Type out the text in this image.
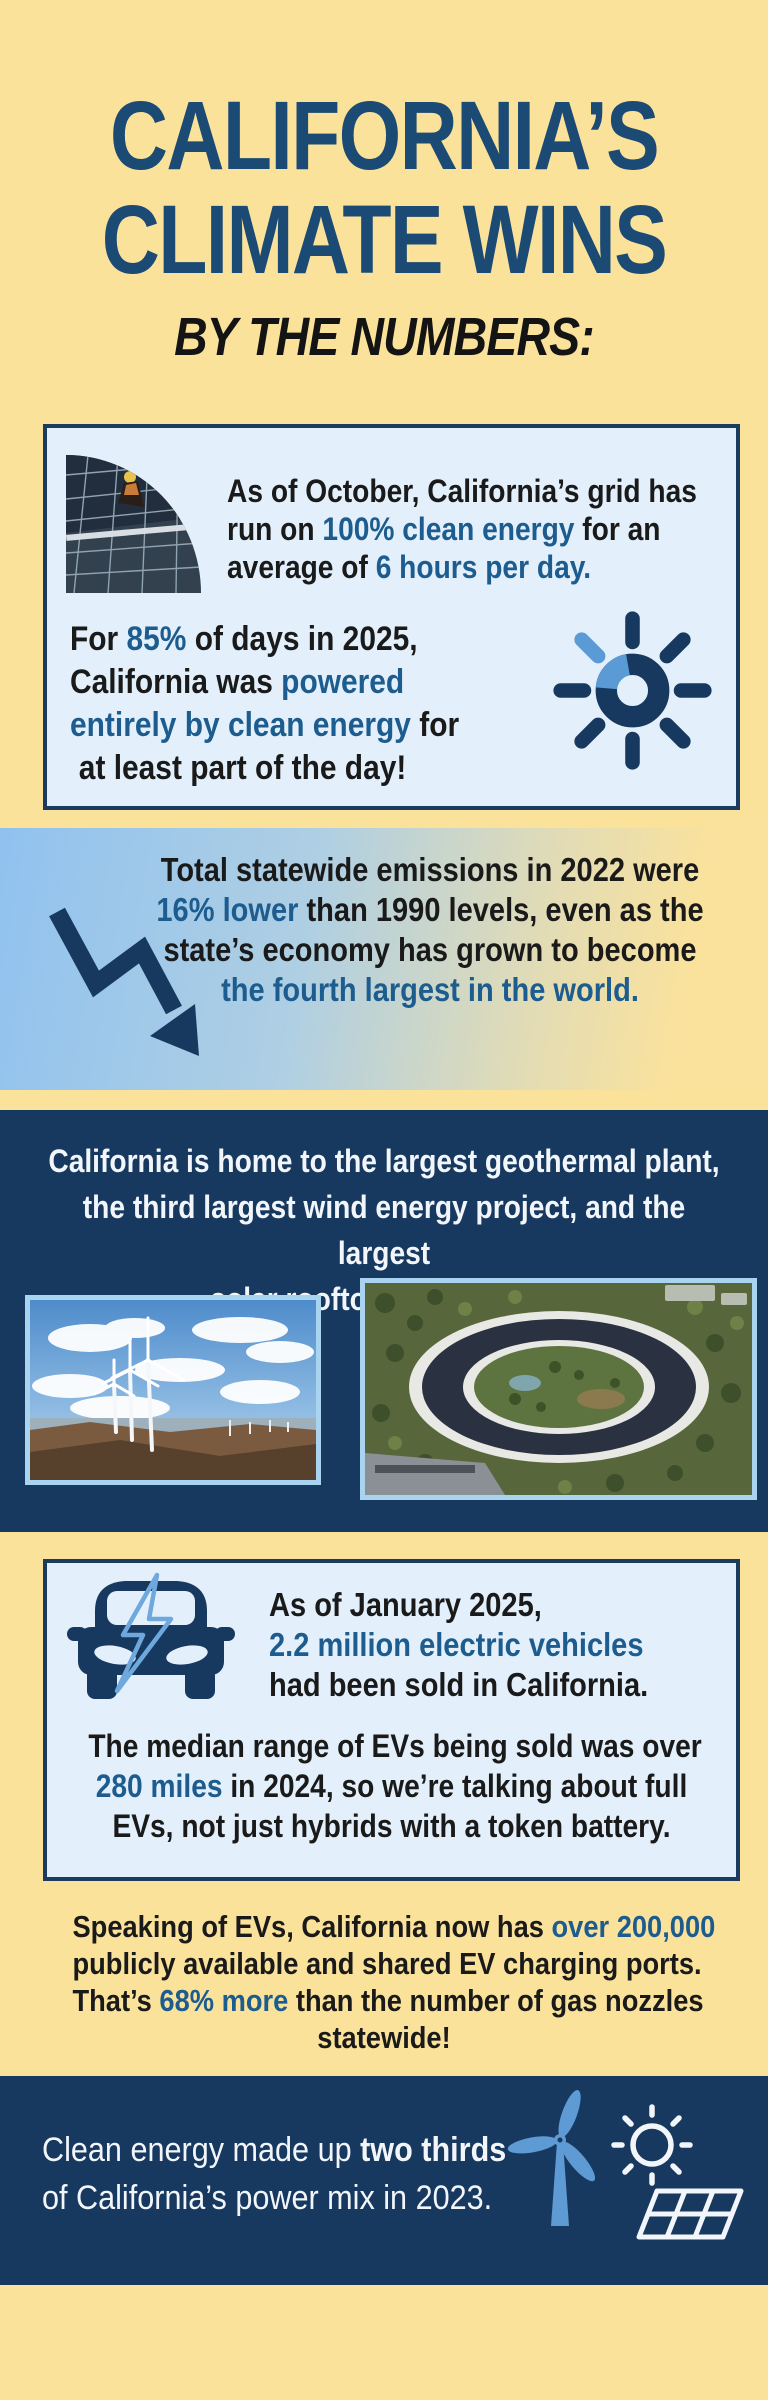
CALIFORNIA’S
CLIMATE WINS
BY THE NUMBERS:
As of October, California’s grid has
run on 100% clean energy for an
average of 6 hours per day.
For 85% of days in 2025,
California was powered
entirely by clean energy for
at least part of the day!
Total statewide emissions in 2022 were
16% lower than 1990 levels, even as the
state’s economy has grown to become
the fourth largest in the world.
California is home to the largest geothermal plant,
the third largest wind energy project, and the largest
rooftop
As of January 2025,
2.2 million electric vehicles
had been sold in California.
The median range of EVs being sold was over
280 miles in 2024, so we’re talking about full
EVs, not just hybrids with a token battery.
Speaking of EVs, California now has over 200,000
publicly available and shared EV charging ports.
That’s 68% more than the number of gas nozzles
statewide!
Clean energy made up two thirds
of California’s power mix in 2023.
